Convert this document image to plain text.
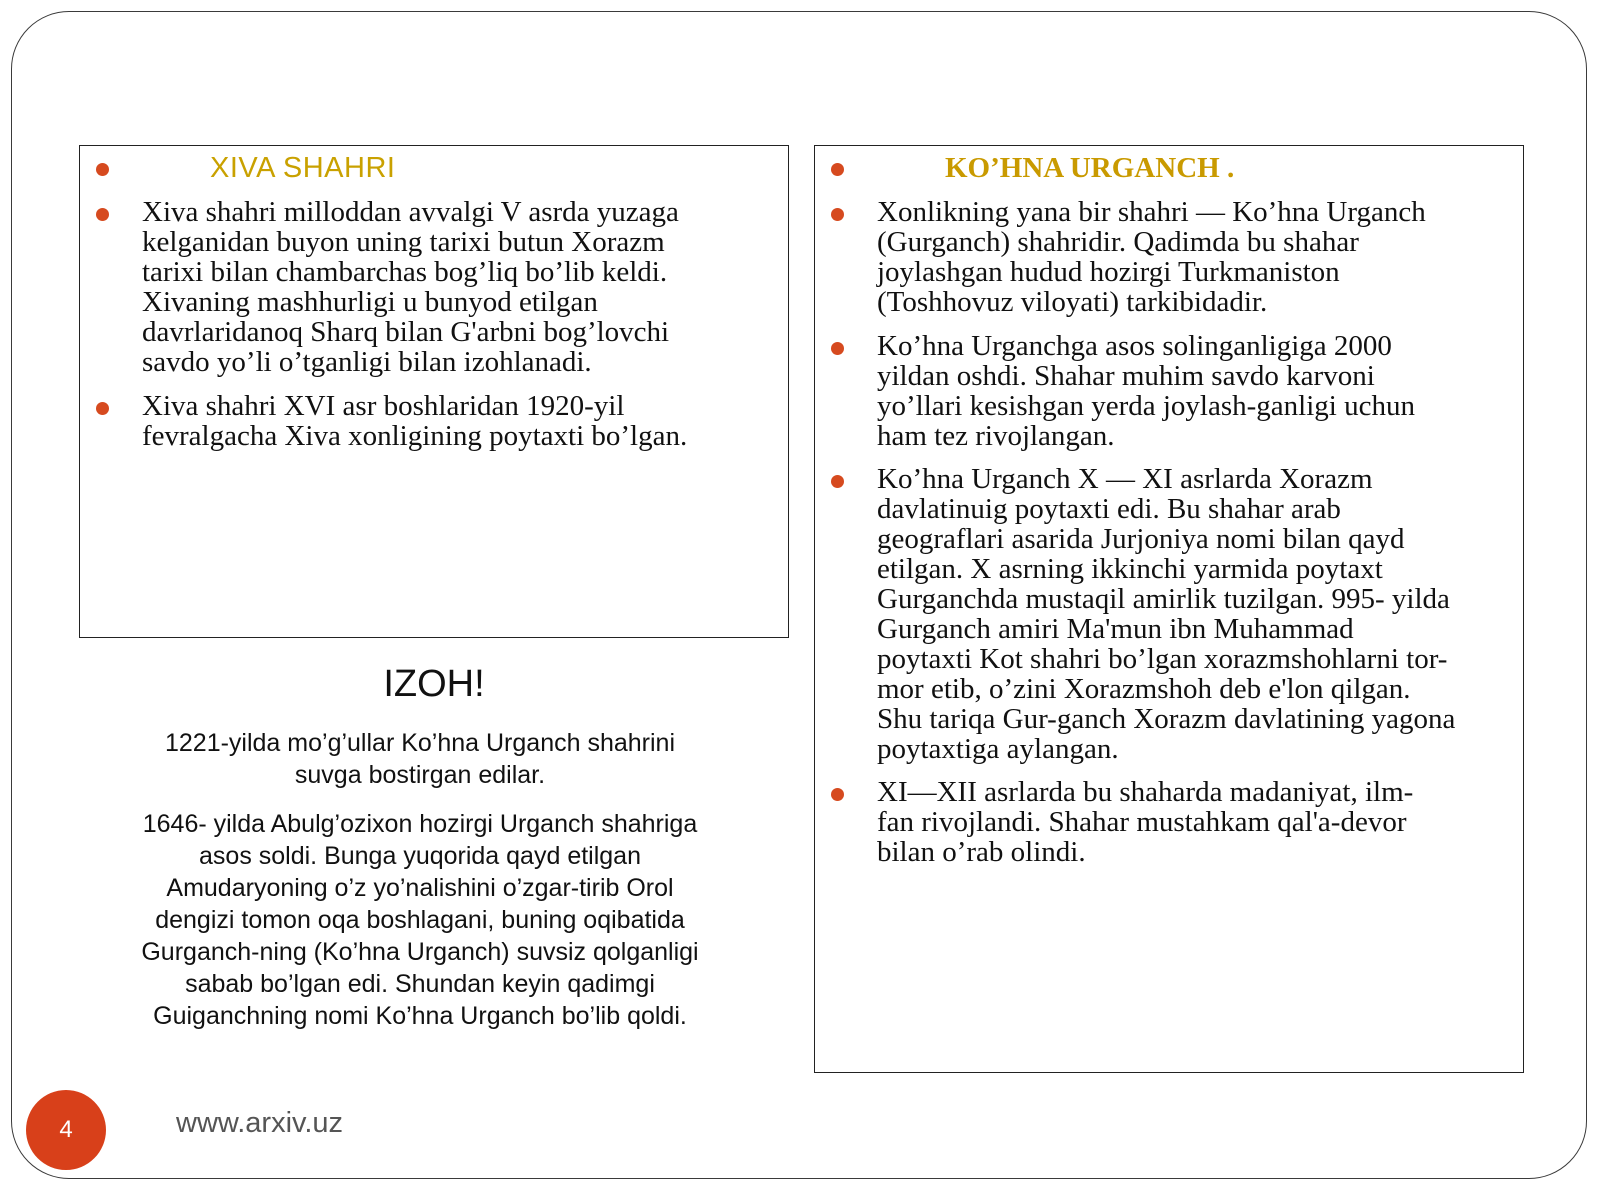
XIVA SHAHRI
Xiva shahri milloddan avvalgi V asrda yuzaga
kelganidan buyon uning tarixi butun Xorazm
tarixi bilan chambarchas bog’liq bo’lib keldi.
Xivaning mashhurligi u bunyod etilgan
davrlaridanoq Sharq bilan G'arbni bog’lovchi
savdo yo’li o’tganligi bilan izohlanadi.
Xiva shahri XVI asr boshlaridan 1920-yil
fevralgacha Xiva xonligining poytaxti bo’lgan.
IZOH!
1221-yilda mo’g’ullar Ko’hna Urganch shahrini
suvga bostirgan edilar.
1646- yilda Abulg’ozixon hozirgi Urganch shahriga
asos soldi. Bunga yuqorida qayd etilgan
Amudaryoning o’z yo’nalishini o’zgar-tirib Orol
dengizi tomon oqa boshlagani, buning oqibatida
Gurganch-ning (Ko’hna Urganch) suvsiz qolganligi
sabab bo’lgan edi. Shundan keyin qadimgi
Guiganchning nomi Ko’hna Urganch bo’lib qoldi.
KO’HNA URGANCH .
Xonlikning yana bir shahri — Ko’hna Urganch
(Gurganch) shahridir. Qadimda bu shahar
joylashgan hudud hozirgi Turkmaniston
(Toshhovuz viloyati) tarkibidadir.
Ko’hna Urganchga asos solinganligiga 2000
yildan oshdi. Shahar muhim savdo karvoni
yo’llari kesishgan yerda joylash-ganligi uchun
ham tez rivojlangan.
Ko’hna Urganch X — XI asrlarda Xorazm
davlatinuig poytaxti edi. Bu shahar arab
geograflari asarida Jurjoniya nomi bilan qayd
etilgan. X asrning ikkinchi yarmida poytaxt
Gurganchda mustaqil amirlik tuzilgan. 995- yilda
Gurganch amiri Ma'mun ibn Muhammad
poytaxti Kot shahri bo’lgan xorazmshohlarni tor-
mor etib, o’zini Xorazmshoh deb e'lon qilgan.
Shu tariqa Gur-ganch Xorazm davlatining yagona
poytaxtiga aylangan.
XI—XII asrlarda bu shaharda madaniyat, ilm-
fan rivojlandi. Shahar mustahkam qal'a-devor
bilan o’rab olindi.
4	www.arxiv.uz
